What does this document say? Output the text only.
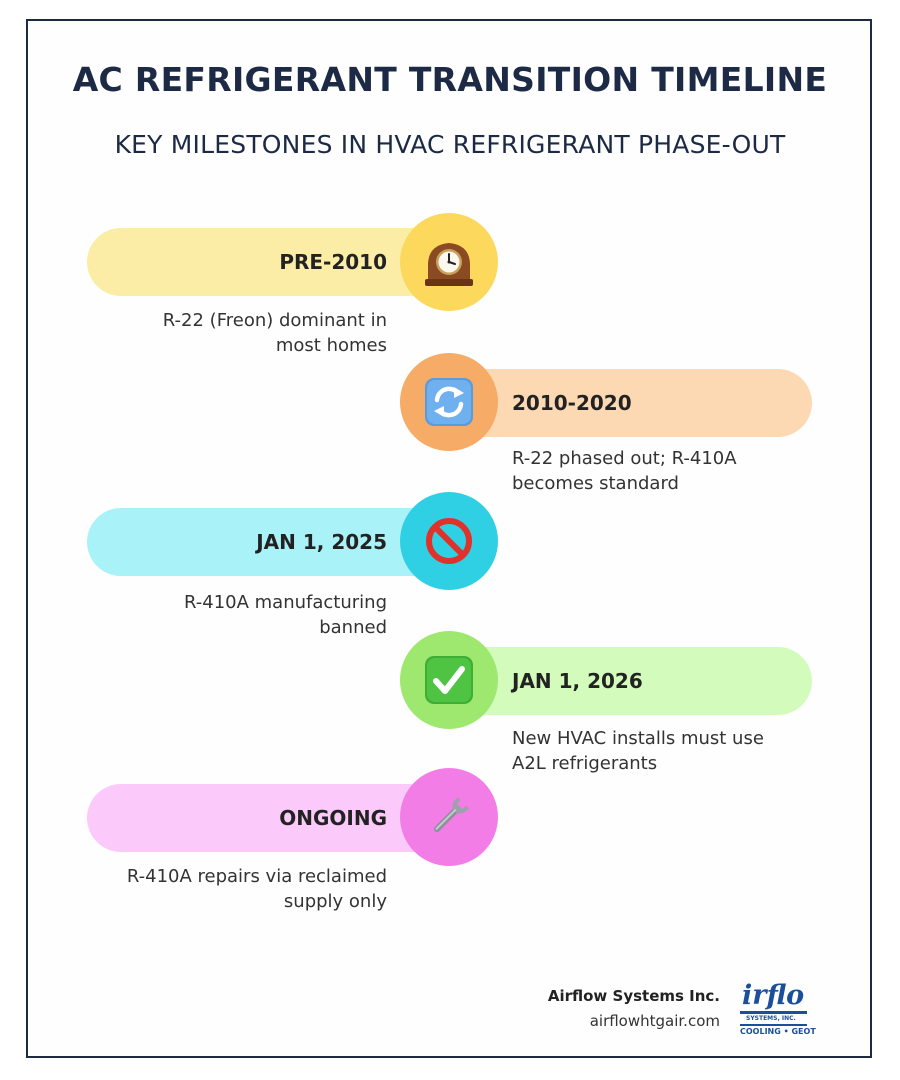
AC REFRIGERANT TRANSITION TIMELINE
KEY MILESTONES IN HVAC REFRIGERANT PHASE-OUT
PRE-2010
R-22 (Freon) dominant in
most homes
2010-2020
R-22 phased out; R-410A
becomes standard
JAN 1, 2025
R-410A manufacturing
banned
JAN 1, 2026
New HVAC installs must use
A2L refrigerants
ONGOING
R-410A repairs via reclaimed
supply only
Airflow Systems Inc.
airflowhtgair.com
irflo
SYSTEMS, INC.
COOLING • GEOT
